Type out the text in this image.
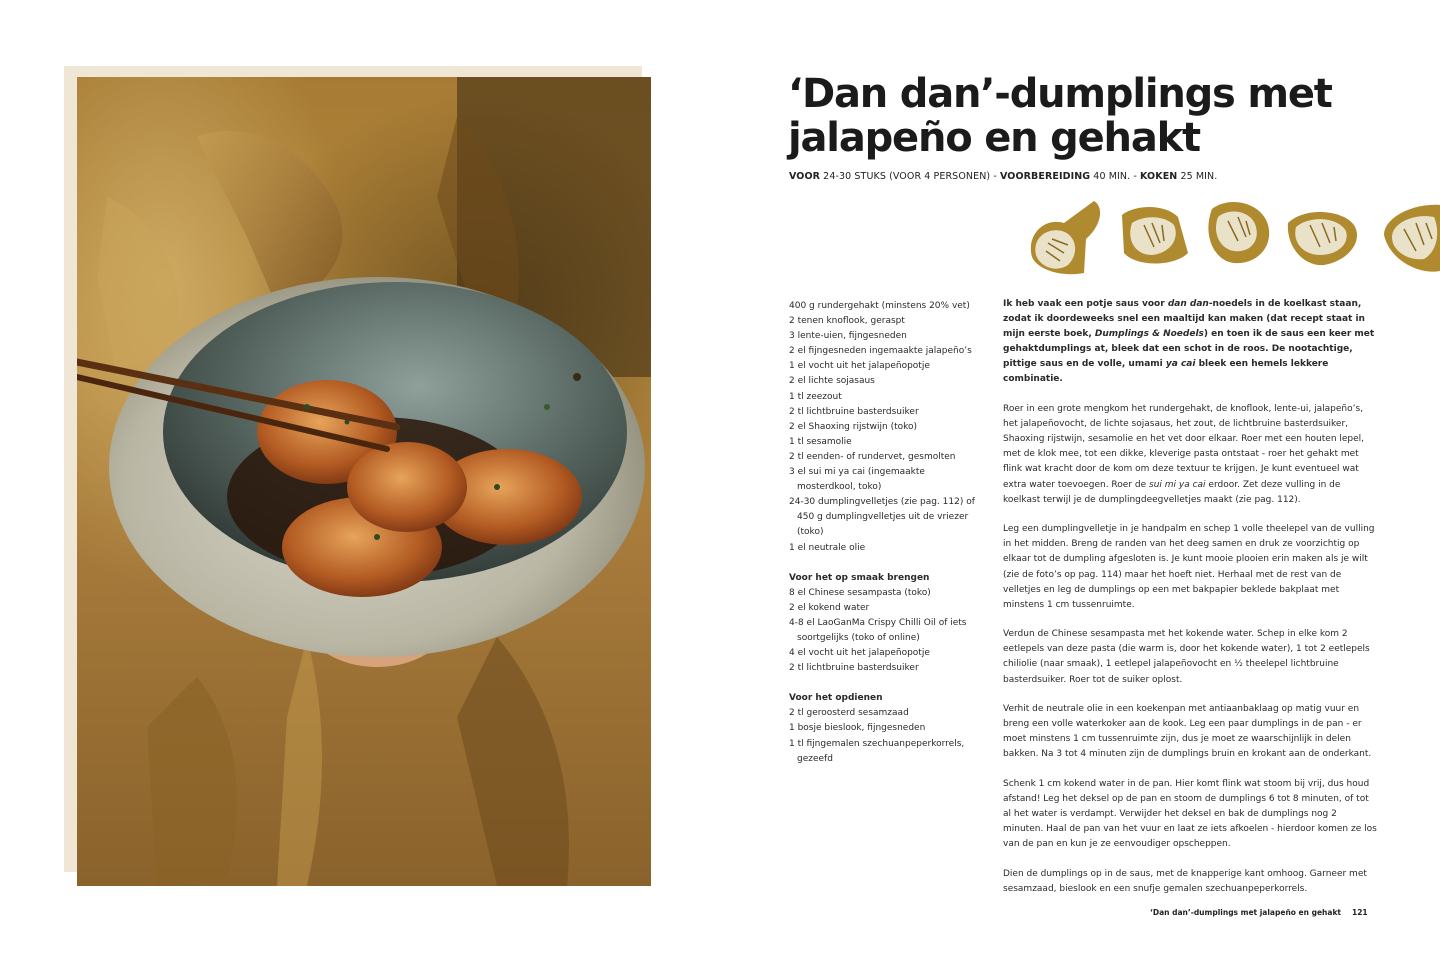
‘Dan dan’-dumplings met jalapeño en gehakt
VOOR 24-30 STUKS (VOOR 4 PERSONEN) - VOORBEREIDING 40 MIN. - KOKEN 25 MIN.
400 g rundergehakt (minstens 20% vet)
2 tenen knoflook, geraspt
3 lente-uien, fijngesneden
2 el fijngesneden ingemaakte jalapeño’s
1 el vocht uit het jalapeñopotje
2 el lichte sojasaus
1 tl zeezout
2 tl lichtbruine basterdsuiker
2 el Shaoxing rijstwijn (toko)
1 tl sesamolie
2 tl eenden- of rundervet, gesmolten
3 el sui mi ya cai (ingemaakte mosterdkool, toko)
24-30 dumplingvelletjes (zie pag. 112) of 450 g dumplingvelletjes uit de vriezer (toko)
1 el neutrale olie
Voor het op smaak brengen
8 el Chinese sesampasta (toko)
2 el kokend water
4-8 el LaoGanMa Crispy Chilli Oil of iets soortgelijks (toko of online)
4 el vocht uit het jalapeñopotje
2 tl lichtbruine basterdsuiker
Voor het opdienen
2 tl geroosterd sesamzaad
1 bosje bieslook, fijngesneden
1 tl fijngemalen szechuanpeperkorrels, gezeefd

Ik heb vaak een potje saus voor dan dan-noedels in de koelkast staan, zodat ik doordeweeks snel een maaltijd kan maken (dat recept staat in mijn eerste boek, Dumplings & Noedels) en toen ik de saus een keer met gehaktdumplings at, bleek dat een schot in de roos. De nootachtige, pittige saus en de volle, umami ya cai bleek een hemels lekkere combinatie.

Roer in een grote mengkom het rundergehakt, de knoflook, lente-ui, jalapeño’s, het jalapeñovocht, de lichte sojasaus, het zout, de lichtbruine basterdsuiker, Shaoxing rijstwijn, sesamolie en het vet door elkaar. Roer met een houten lepel, met de klok mee, tot een dikke, kleverige pasta ontstaat - roer het gehakt met flink wat kracht door de kom om deze textuur te krijgen. Je kunt eventueel wat extra water toevoegen. Roer de sui mi ya cai erdoor. Zet deze vulling in de koelkast terwijl je de dumplingdeegvelletjes maakt (zie pag. 112).

Leg een dumplingvelletje in je handpalm en schep 1 volle theelepel van de vulling in het midden. Breng de randen van het deeg samen en druk ze voorzichtig op elkaar tot de dumpling afgesloten is. Je kunt mooie plooien erin maken als je wilt (zie de foto’s op pag. 114) maar het hoeft niet. Herhaal met de rest van de velletjes en leg de dumplings op een met bakpapier beklede bakplaat met minstens 1 cm tussenruimte.

Verdun de Chinese sesampasta met het kokende water. Schep in elke kom 2 eetlepels van deze pasta (die warm is, door het kokende water), 1 tot 2 eetlepels chiliolie (naar smaak), 1 eetlepel jalapeñovocht en ½ theelepel lichtbruine basterdsuiker. Roer tot de suiker oplost.

Verhit de neutrale olie in een koekenpan met antiaanbaklaag op matig vuur en breng een volle waterkoker aan de kook. Leg een paar dumplings in de pan - er moet minstens 1 cm tussenruimte zijn, dus je moet ze waarschijnlijk in delen bakken. Na 3 tot 4 minuten zijn de dumplings bruin en krokant aan de onderkant.

Schenk 1 cm kokend water in de pan. Hier komt flink wat stoom bij vrij, dus houd afstand! Leg het deksel op de pan en stoom de dumplings 6 tot 8 minuten, of tot al het water is verdampt. Verwijder het deksel en bak de dumplings nog 2 minuten. Haal de pan van het vuur en laat ze iets afkoelen - hierdoor komen ze los van de pan en kun je ze eenvoudiger opscheppen.

Dien de dumplings op in de saus, met de knapperige kant omhoog. Garneer met sesamzaad, bieslook en een snufje gemalen szechuanpeperkorrels.

‘Dan dan’-dumplings met jalapeño en gehakt 121
